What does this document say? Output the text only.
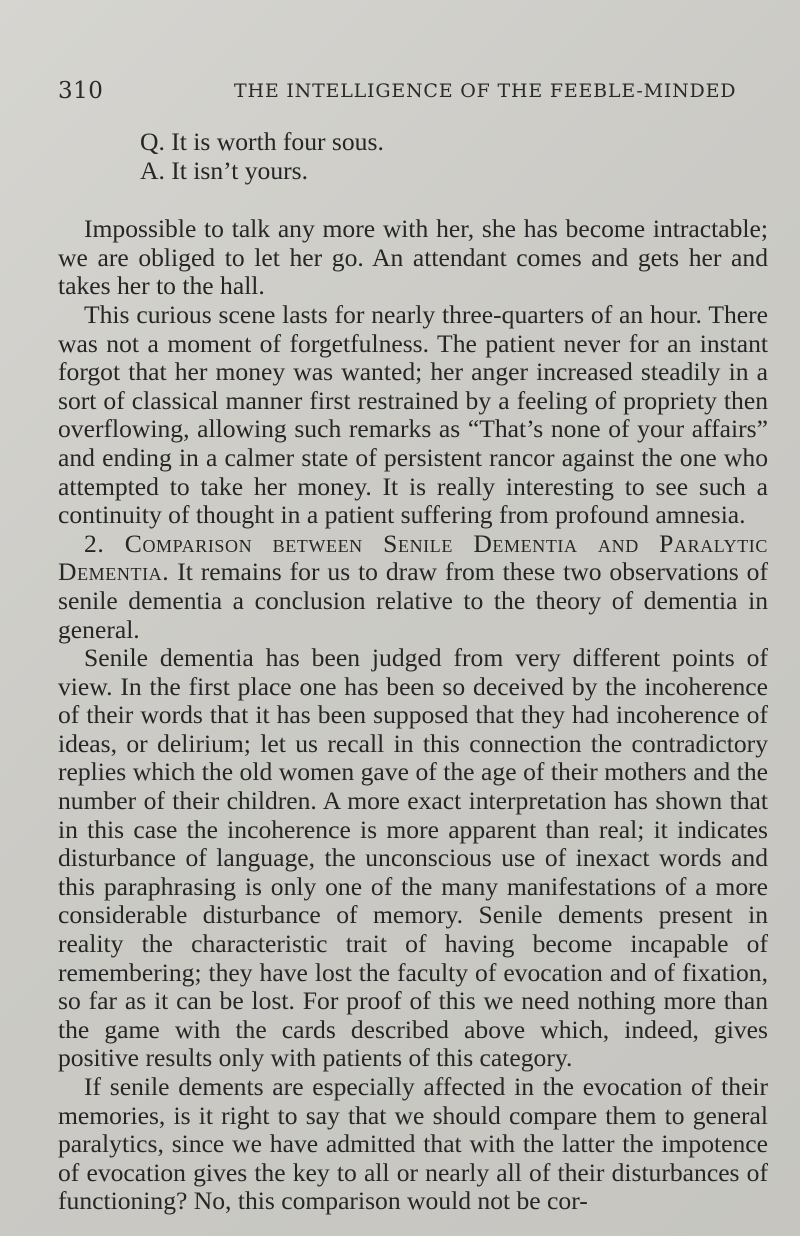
310	THE INTELLIGENCE OF THE FEEBLE-MINDED

Q. It is worth four sous.

A. It isn’t yours.

Impossible to talk any more with her, she has become intractable; we are obliged to let her go. An attendant comes and gets her and takes her to the hall.

This curious scene lasts for nearly three-quarters of an hour. There was not a moment of forgetfulness. The patient never for an instant forgot that her money was wanted; her anger increased steadily in a sort of classical manner first restrained by a feeling of propriety then overflowing, allowing such remarks as “That’s none of your affairs” and ending in a calmer state of persistent rancor against the one who attempted to take her money. It is really interesting to see such a continuity of thought in a patient suffering from profound amnesia.

2. Comparison between Senile Dementia and Paralytic Dementia. It remains for us to draw from these two observations of senile dementia a conclusion relative to the theory of dementia in general.

Senile dementia has been judged from very different points of view. In the first place one has been so deceived by the incoherence of their words that it has been supposed that they had incoherence of ideas, or delirium; let us recall in this connection the contradictory replies which the old women gave of the age of their mothers and the number of their children. A more exact interpretation has shown that in this case the incoherence is more apparent than real; it indicates disturbance of language, the unconscious use of inexact words and this paraphrasing is only one of the many manifestations of a more considerable disturbance of memory. Senile dements present in reality the characteristic trait of having become incapable of remembering; they have lost the faculty of evocation and of fixation, so far as it can be lost. For proof of this we need nothing more than the game with the cards described above which, indeed, gives positive results only with patients of this category.

If senile dements are especially affected in the evocation of their memories, is it right to say that we should compare them to general paralytics, since we have admitted that with the latter the impotence of evocation gives the key to all or nearly all of their disturbances of functioning? No, this comparison would not be cor-
